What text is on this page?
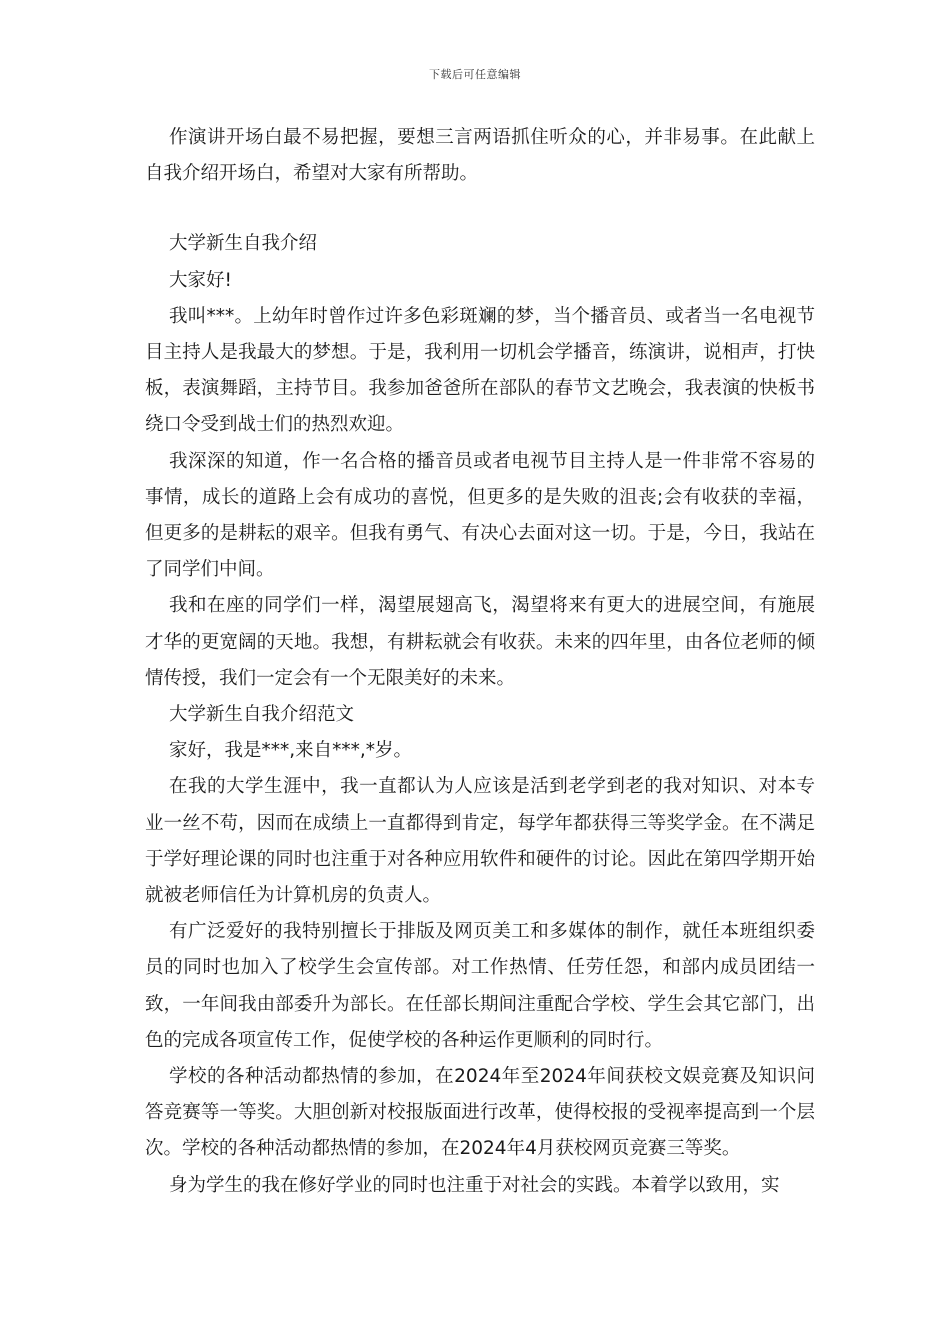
下载后可任意编辑

作演讲开场白最不易把握，要想三言两语抓住听众的心，并非易事。在此献上自我介绍开场白，希望对大家有所帮助。

大学新生自我介绍

大家好!

我叫***。上幼年时曾作过许多色彩斑斓的梦，当个播音员、或者当一名电视节目主持人是我最大的梦想。于是，我利用一切机会学播音，练演讲，说相声，打快板，表演舞蹈，主持节目。我参加爸爸所在部队的春节文艺晚会，我表演的快板书绕口令受到战士们的热烈欢迎。

我深深的知道，作一名合格的播音员或者电视节目主持人是一件非常不容易的事情，成长的道路上会有成功的喜悦，但更多的是失败的沮丧;会有收获的幸福，但更多的是耕耘的艰辛。但我有勇气、有决心去面对这一切。于是，今日，我站在了同学们中间。

我和在座的同学们一样，渴望展翅高飞，渴望将来有更大的进展空间，有施展才华的更宽阔的天地。我想，有耕耘就会有收获。未来的四年里，由各位老师的倾情传授，我们一定会有一个无限美好的未来。

大学新生自我介绍范文

家好，我是***,来自***,*岁。

在我的大学生涯中，我一直都认为人应该是活到老学到老的我对知识、对本专业一丝不苟，因而在成绩上一直都得到肯定，每学年都获得三等奖学金。在不满足于学好理论课的同时也注重于对各种应用软件和硬件的讨论。因此在第四学期开始就被老师信任为计算机房的负责人。

有广泛爱好的我特别擅长于排版及网页美工和多媒体的制作，就任本班组织委员的同时也加入了校学生会宣传部。对工作热情、任劳任怨，和部内成员团结一致，一年间我由部委升为部长。在任部长期间注重配合学校、学生会其它部门，出色的完成各项宣传工作，促使学校的各种运作更顺利的同时行。

学校的各种活动都热情的参加，在2024年至2024年间获校文娱竞赛及知识问答竞赛等一等奖。大胆创新对校报版面进行改革，使得校报的受视率提高到一个层次。学校的各种活动都热情的参加，在2024年4月获校网页竞赛三等奖。

身为学生的我在修好学业的同时也注重于对社会的实践。本着学以致用，实
